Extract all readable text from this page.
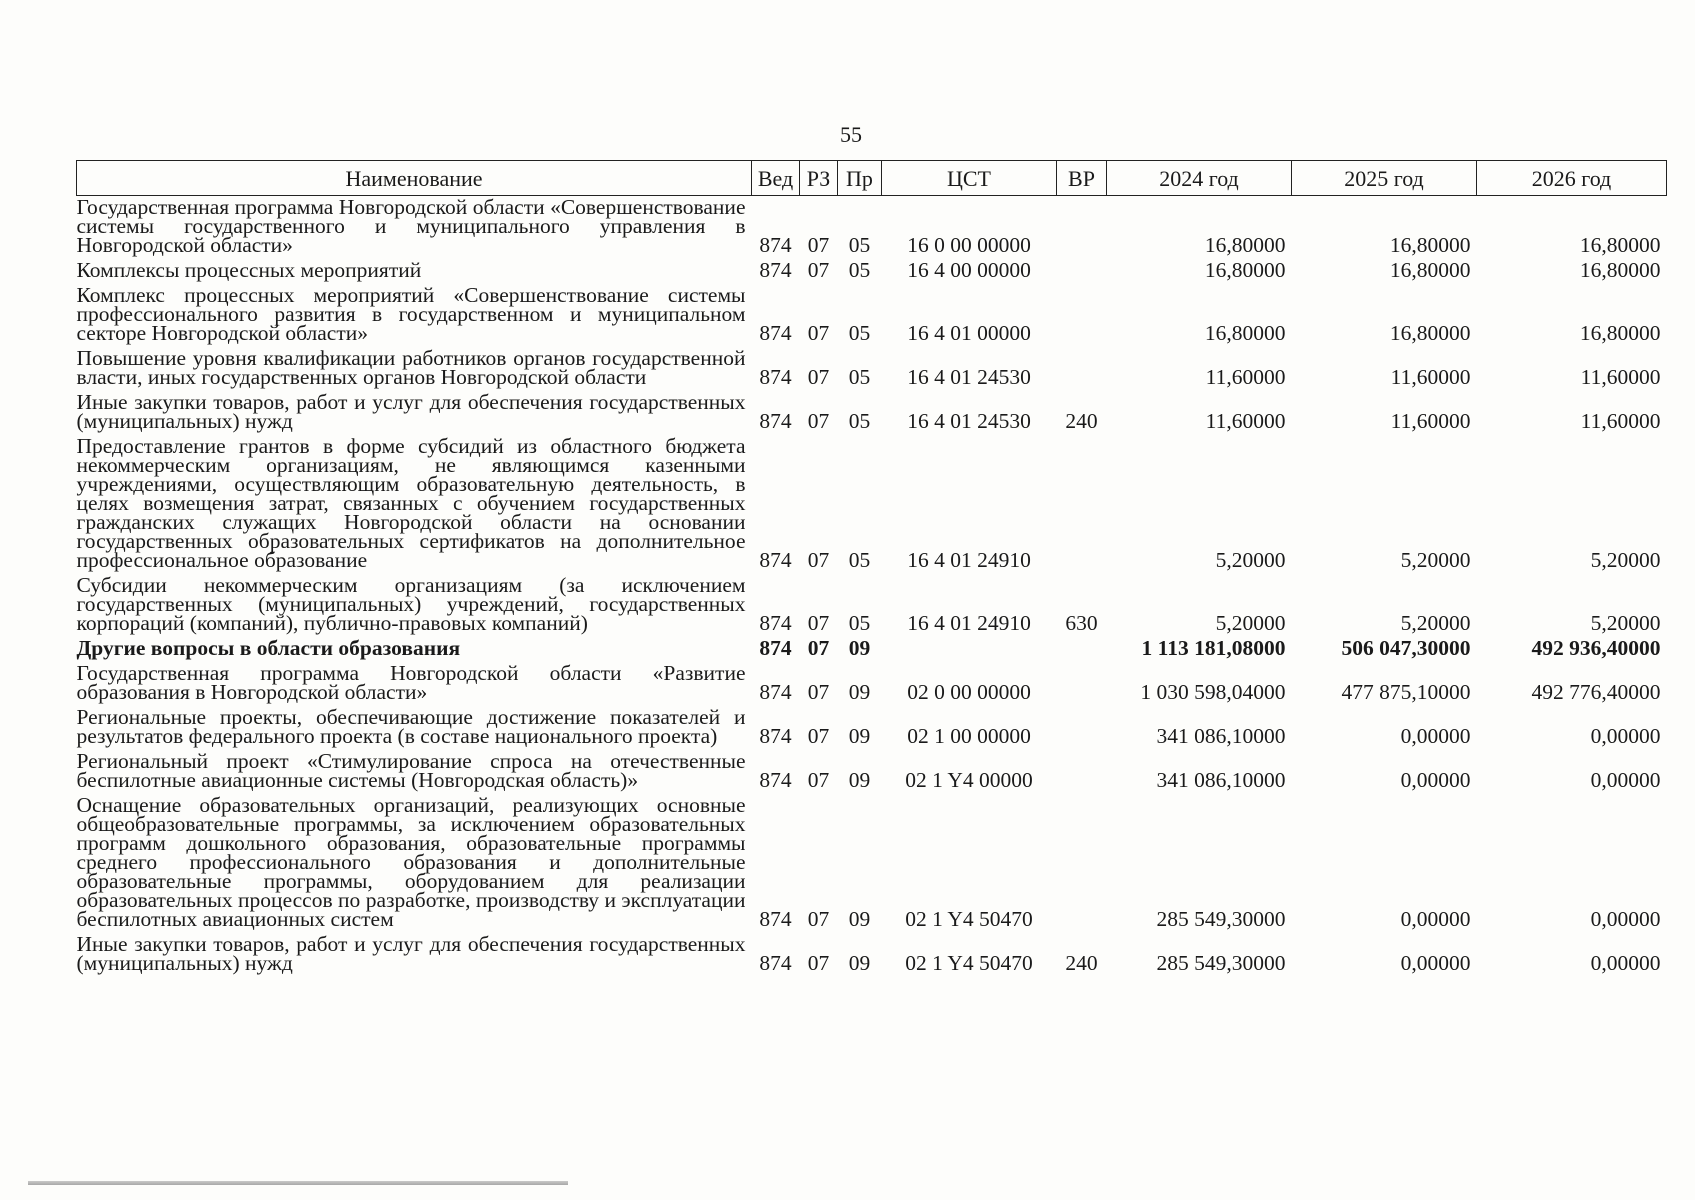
55
Наименование	Вед	РЗ	Пр	ЦСТ	ВР	2024 год	2025 год	2026 год
Государственная программа Новгородской области «Совершенствование системы государственного и муниципального управления в Новгородской области»	874	07	05	16 0 00 00000		16,80000	16,80000	16,80000
Комплексы процессных мероприятий	874	07	05	16 4 00 00000		16,80000	16,80000	16,80000
Комплекс процессных мероприятий «Совершенствование системы профессионального развития в государственном и муниципальном секторе Новгородской области»	874	07	05	16 4 01 00000		16,80000	16,80000	16,80000
Повышение уровня квалификации работников органов государственной власти, иных государственных органов Новгородской области	874	07	05	16 4 01 24530		11,60000	11,60000	11,60000
Иные закупки товаров, работ и услуг для обеспечения государственных (муниципальных) нужд	874	07	05	16 4 01 24530	240	11,60000	11,60000	11,60000
Предоставление грантов в форме субсидий из областного бюджета некоммерческим организациям, не являющимся казенными учреждениями, осуществляющим образовательную деятельность, в целях возмещения затрат, связанных с обучением государственных гражданских служащих Новгородской области на основании государственных образовательных сертификатов на дополнительное профессиональное образование	874	07	05	16 4 01 24910		5,20000	5,20000	5,20000
Субсидии некоммерческим организациям (за исключением государственных (муниципальных) учреждений, государственных корпораций (компаний), публично-правовых компаний)	874	07	05	16 4 01 24910	630	5,20000	5,20000	5,20000
Другие вопросы в области образования	874	07	09			1 113 181,08000	506 047,30000	492 936,40000
Государственная программа Новгородской области «Развитие образования в Новгородской области»	874	07	09	02 0 00 00000		1 030 598,04000	477 875,10000	492 776,40000
Региональные проекты, обеспечивающие достижение показателей и результатов федерального проекта (в составе национального проекта)	874	07	09	02 1 00 00000		341 086,10000	0,00000	0,00000
Региональный проект «Стимулирование спроса на отечественные беспилотные авиационные системы (Новгородская область)»	874	07	09	02 1 Y4 00000		341 086,10000	0,00000	0,00000
Оснащение образовательных организаций, реализующих основные общеобразовательные программы, за исключением образовательных программ дошкольного образования, образовательные программы среднего профессионального образования и дополнительные образовательные программы, оборудованием для реализации образовательных процессов по разработке, производству и эксплуатации беспилотных авиационных систем	874	07	09	02 1 Y4 50470		285 549,30000	0,00000	0,00000
Иные закупки товаров, работ и услуг для обеспечения государственных (муниципальных) нужд	874	07	09	02 1 Y4 50470	240	285 549,30000	0,00000	0,00000
